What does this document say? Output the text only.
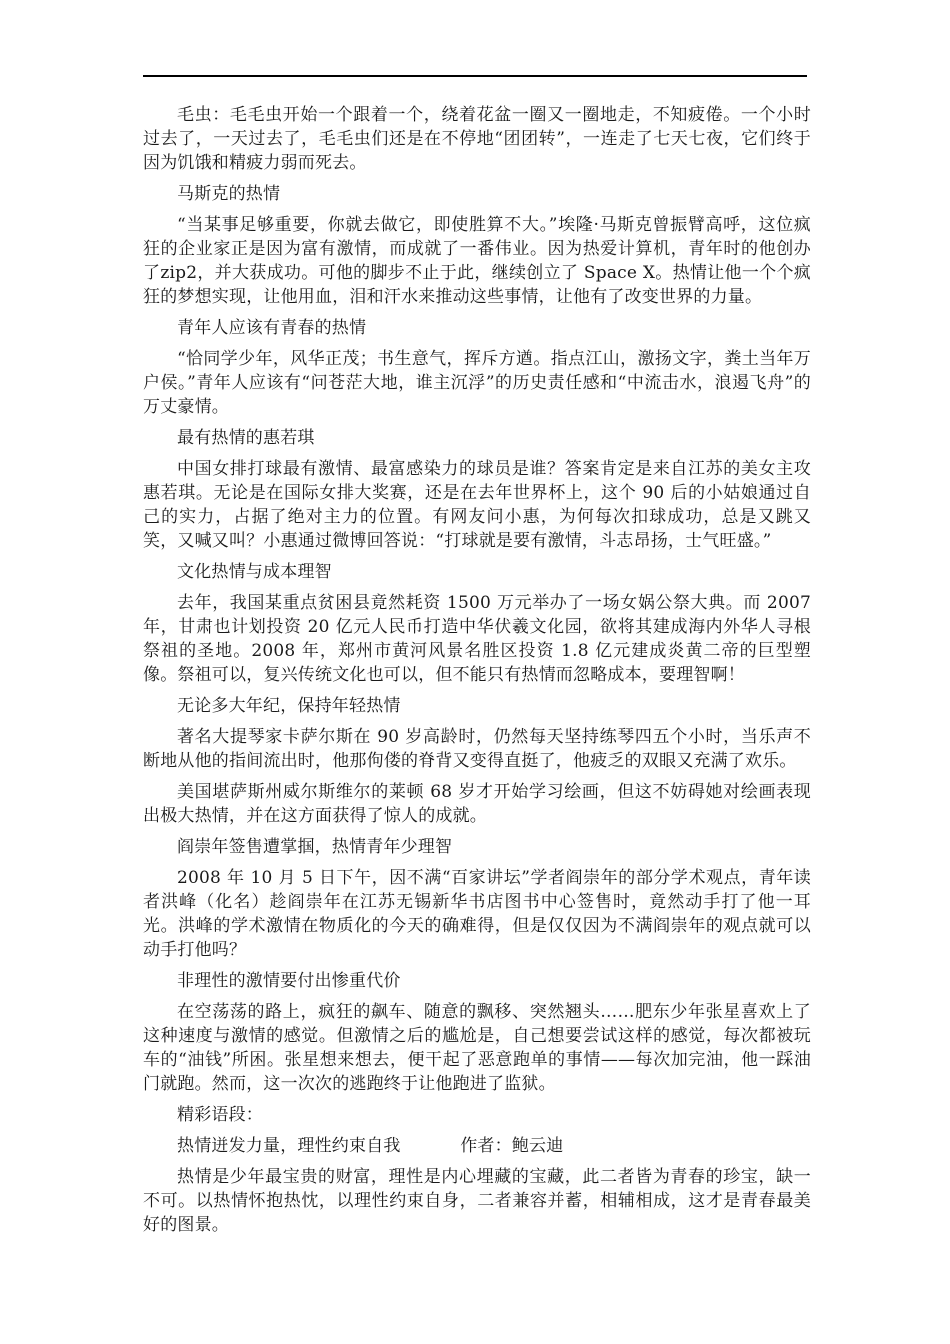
毛虫：毛毛虫开始一个跟着一个，绕着花盆一圈又一圈地走，不知疲倦。一个小时过去了，一天过去了，毛毛虫们还是在不停地“团团转”，一连走了七天七夜，它们终于因为饥饿和精疲力弱而死去。

马斯克的热情

“当某事足够重要，你就去做它，即使胜算不大。”埃隆·马斯克曾振臂高呼，这位疯狂的企业家正是因为富有激情，而成就了一番伟业。因为热爱计算机，青年时的他创办了zip2，并大获成功。可他的脚步不止于此，继续创立了 Space X。热情让他一个个疯狂的梦想实现，让他用血，泪和汗水来推动这些事情，让他有了改变世界的力量。

青年人应该有青春的热情

“恰同学少年，风华正茂；书生意气，挥斥方遒。指点江山，激扬文字，粪土当年万户侯。”青年人应该有“问苍茫大地，谁主沉浮”的历史责任感和“中流击水，浪遏飞舟”的万丈豪情。

最有热情的惠若琪

中国女排打球最有激情、最富感染力的球员是谁？答案肯定是来自江苏的美女主攻惠若琪。无论是在国际女排大奖赛，还是在去年世界杯上，这个 90 后的小姑娘通过自己的实力，占据了绝对主力的位置。有网友问小惠，为何每次扣球成功，总是又跳又笑，又喊又叫？小惠通过微博回答说：“打球就是要有激情，斗志昂扬，士气旺盛。”

文化热情与成本理智

去年，我国某重点贫困县竟然耗资 1500 万元举办了一场女娲公祭大典。而 2007 年，甘肃也计划投资 20 亿元人民币打造中华伏羲文化园，欲将其建成海内外华人寻根祭祖的圣地。2008 年，郑州市黄河风景名胜区投资 1.8 亿元建成炎黄二帝的巨型塑像。祭祖可以，复兴传统文化也可以，但不能只有热情而忽略成本，要理智啊！

无论多大年纪，保持年轻热情

著名大提琴家卡萨尔斯在 90 岁高龄时，仍然每天坚持练琴四五个小时，当乐声不断地从他的指间流出时，他那佝偻的脊背又变得直挺了，他疲乏的双眼又充满了欢乐。

美国堪萨斯州威尔斯维尔的莱顿 68 岁才开始学习绘画，但这不妨碍她对绘画表现出极大热情，并在这方面获得了惊人的成就。

阎崇年签售遭掌掴，热情青年少理智

2008 年 10 月 5 日下午，因不满“百家讲坛”学者阎崇年的部分学术观点，青年读者洪峰（化名）趁阎崇年在江苏无锡新华书店图书中心签售时，竟然动手打了他一耳光。洪峰的学术激情在物质化的今天的确难得，但是仅仅因为不满阎崇年的观点就可以动手打他吗？

非理性的激情要付出惨重代价

在空荡荡的路上，疯狂的飙车、随意的飘移、突然翘头……肥东少年张星喜欢上了这种速度与激情的感觉。但激情之后的尴尬是，自己想要尝试这样的感觉，每次都被玩车的“油钱”所困。张星想来想去，便干起了恶意跑单的事情——每次加完油，他一踩油门就跑。然而，这一次次的逃跑终于让他跑进了监狱。

精彩语段：

热情迸发力量，理性约束自我	作者：鲍云迪

热情是少年最宝贵的财富，理性是内心埋藏的宝藏，此二者皆为青春的珍宝，缺一不可。以热情怀抱热忱，以理性约束自身，二者兼容并蓄，相辅相成，这才是青春最美好的图景。
